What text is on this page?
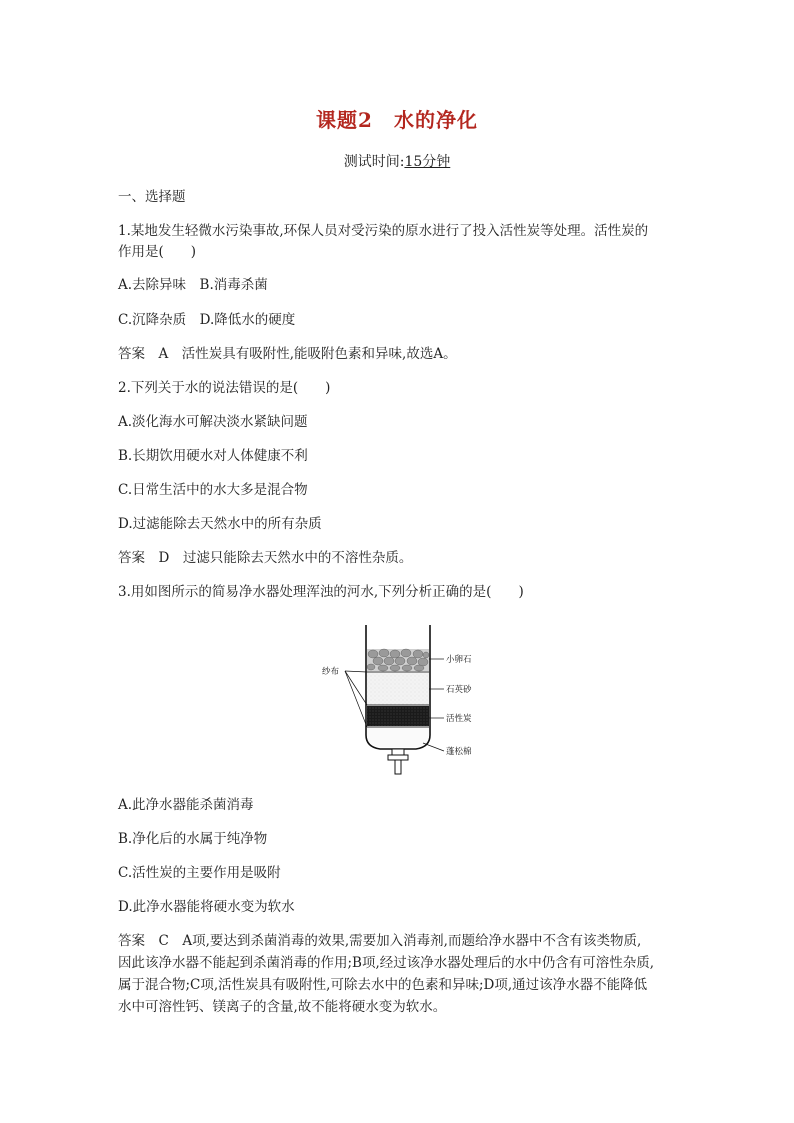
课题2　水的净化
测试时间:15分钟
一、选择题
1.某地发生轻微水污染事故,环保人员对受污染的原水进行了投入活性炭等处理。活性炭的
作用是(　　)
A.去除异味　B.消毒杀菌
C.沉降杂质　D.降低水的硬度
答案　A　活性炭具有吸附性,能吸附色素和异味,故选A。
2.下列关于水的说法错误的是(　　)
A.淡化海水可解决淡水紧缺问题
B.长期饮用硬水对人体健康不利
C.日常生活中的水大多是混合物
D.过滤能除去天然水中的所有杂质
答案　D　过滤只能除去天然水中的不溶性杂质。
3.用如图所示的简易净水器处理浑浊的河水,下列分析正确的是(　　)
纱布
小卵石
石英砂
活性炭
蓬松棉
A.此净水器能杀菌消毒
B.净化后的水属于纯净物
C.活性炭的主要作用是吸附
D.此净水器能将硬水变为软水
答案　C　A项,要达到杀菌消毒的效果,需要加入消毒剂,而题给净水器中不含有该类物质,
因此该净水器不能起到杀菌消毒的作用;B项,经过该净水器处理后的水中仍含有可溶性杂质,
属于混合物;C项,活性炭具有吸附性,可除去水中的色素和异味;D项,通过该净水器不能降低
水中可溶性钙、镁离子的含量,故不能将硬水变为软水。
